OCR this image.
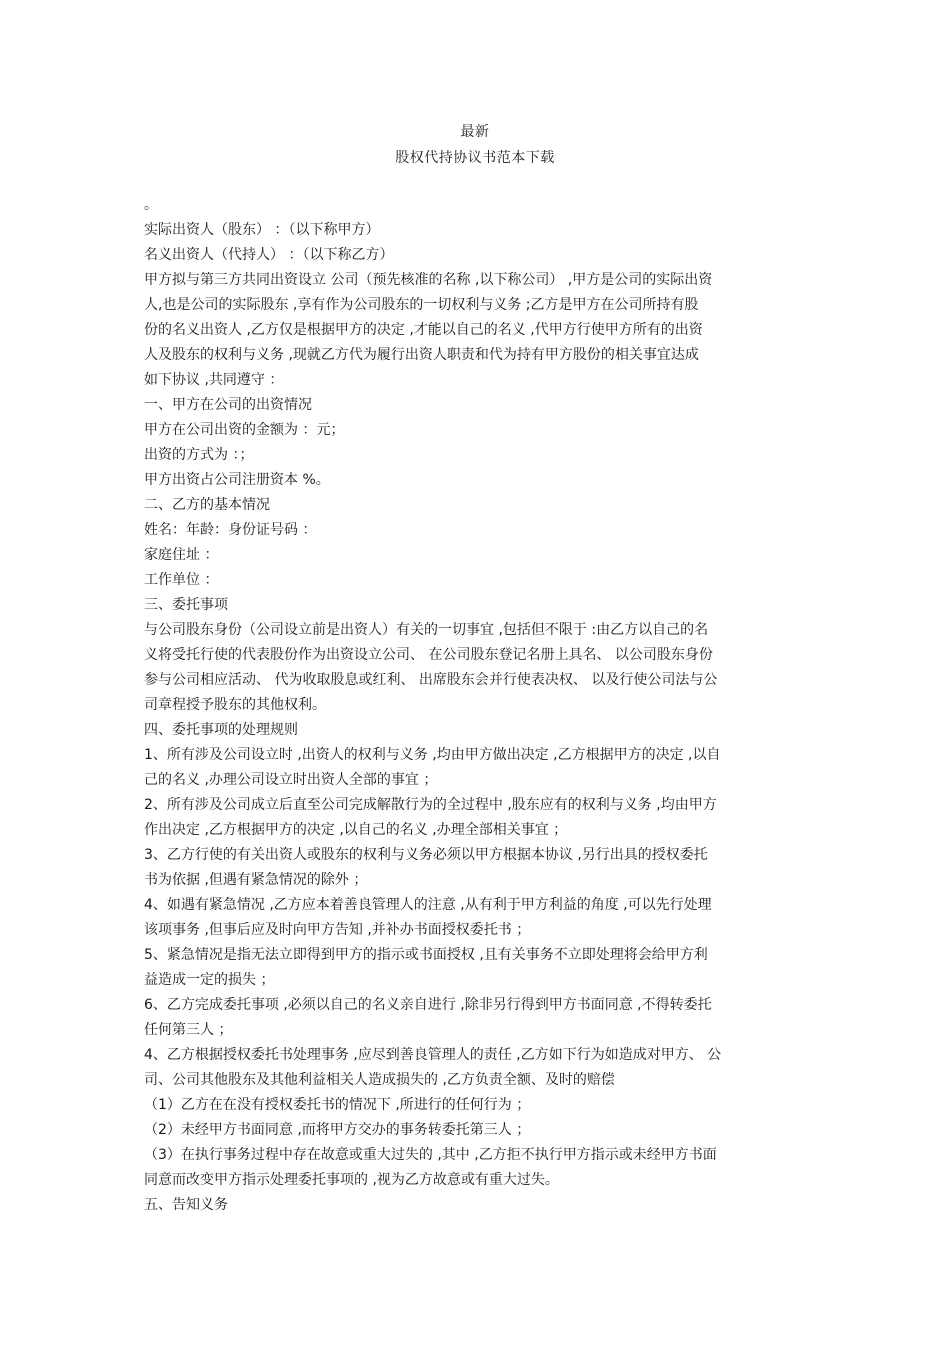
最新
股权代持协议书范本下载
。
实际出资人（股东） ：（以下称甲方）
名义出资人（代持人） ：（以下称乙方）
甲方拟与第三方共同出资设立 公司（预先核准的名称 ,以下称公司） ,甲方是公司的实际出资
人,也是公司的实际股东 ,享有作为公司股东的一切权利与义务 ;乙方是甲方在公司所持有股
份的名义出资人 ,乙方仅是根据甲方的决定 ,才能以自己的名义 ,代甲方行使甲方所有的出资
人及股东的权利与义务 ,现就乙方代为履行出资人职责和代为持有甲方股份的相关事宜达成
如下协议 ,共同遵守 ：
一、甲方在公司的出资情况
甲方在公司出资的金额为 ：元；
出资的方式为 ：；
甲方出资占公司注册资本 %。
二、乙方的基本情况
姓名：年龄：身份证号码 ：
家庭住址 ：
工作单位 ：
三、委托事项
与公司股东身份（公司设立前是出资人）有关的一切事宜 ,包括但不限于 :由乙方以自己的名
义将受托行使的代表股份作为出资设立公司、 在公司股东登记名册上具名、 以公司股东身份
参与公司相应活动、 代为收取股息或红利、 出席股东会并行使表决权、 以及行使公司法与公
司章程授予股东的其他权利。
四、委托事项的处理规则
1、所有涉及公司设立时 ,出资人的权利与义务 ,均由甲方做出决定 ,乙方根据甲方的决定 ,以自
己的名义 ,办理公司设立时出资人全部的事宜 ；
2、所有涉及公司成立后直至公司完成解散行为的全过程中 ,股东应有的权利与义务 ,均由甲方
作出决定 ,乙方根据甲方的决定 ,以自己的名义 ,办理全部相关事宜 ；
3、乙方行使的有关出资人或股东的权利与义务必须以甲方根据本协议 ,另行出具的授权委托
书为依据 ,但遇有紧急情况的除外 ；
4、如遇有紧急情况 ,乙方应本着善良管理人的注意 ,从有利于甲方利益的角度 ,可以先行处理
该项事务 ,但事后应及时向甲方告知 ,并补办书面授权委托书 ；
5、紧急情况是指无法立即得到甲方的指示或书面授权 ,且有关事务不立即处理将会给甲方利
益造成一定的损失 ；
6、乙方完成委托事项 ,必须以自己的名义亲自进行 ,除非另行得到甲方书面同意 ,不得转委托
任何第三人 ；
4、乙方根据授权委托书处理事务 ,应尽到善良管理人的责任 ,乙方如下行为如造成对甲方、 公
司、公司其他股东及其他利益相关人造成损失的 ,乙方负责全额、及时的赔偿
（1）乙方在在没有授权委托书的情况下 ,所进行的任何行为 ；
（2）未经甲方书面同意 ,而将甲方交办的事务转委托第三人 ；
（3）在执行事务过程中存在故意或重大过失的 ,其中 ,乙方拒不执行甲方指示或未经甲方书面
同意而改变甲方指示处理委托事项的 ,视为乙方故意或有重大过失。
五、告知义务
